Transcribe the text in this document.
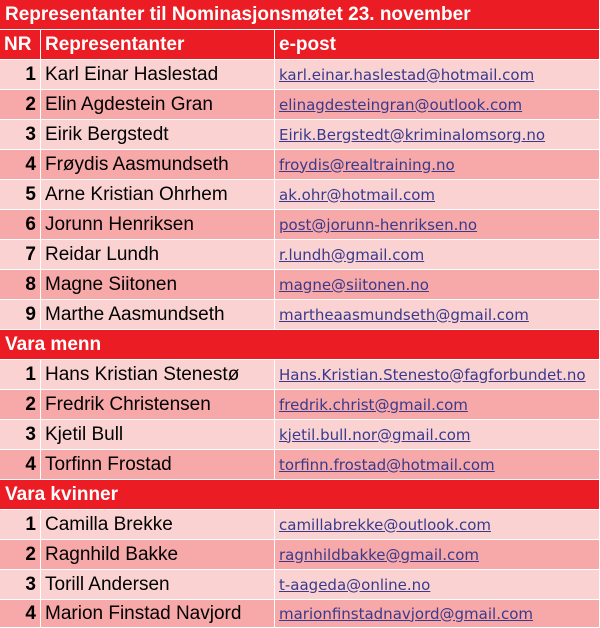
Representanter til Nominasjonsmøtet 23. november
NR Representanter	e-post
1 Karl Einar Haslestad	karl.einar.haslestad@hotmail.com
2 Elin Agdestein Gran	elinagdesteingran@outlook.com
3 Eirik Bergstedt	Eirik.Bergstedt@kriminalomsorg.no
4 Frøydis Aasmundseth	froydis@realtraining.no
5 Arne Kristian Ohrhem	ak.ohr@hotmail.com
6 Jorunn Henriksen	post@jorunn-henriksen.no
7 Reidar Lundh	r.lundh@gmail.com
8 Magne Siitonen	magne@siitonen.no
9 Marthe Aasmundseth	martheaasmundseth@gmail.com
Vara menn
1 Hans Kristian Stenestø	Hans.Kristian.Stenesto@fagforbundet.no
2 Fredrik Christensen	fredrik.christ@gmail.com
3 Kjetil Bull	kjetil.bull.nor@gmail.com
4 Torfinn Frostad	torfinn.frostad@hotmail.com
Vara kvinner
1 Camilla Brekke	camillabrekke@outlook.com
2 Ragnhild Bakke	ragnhildbakke@gmail.com
3 Torill Andersen	t-aageda@online.no
4 Marion Finstad Navjord	marionfinstadnavjord@gmail.com
